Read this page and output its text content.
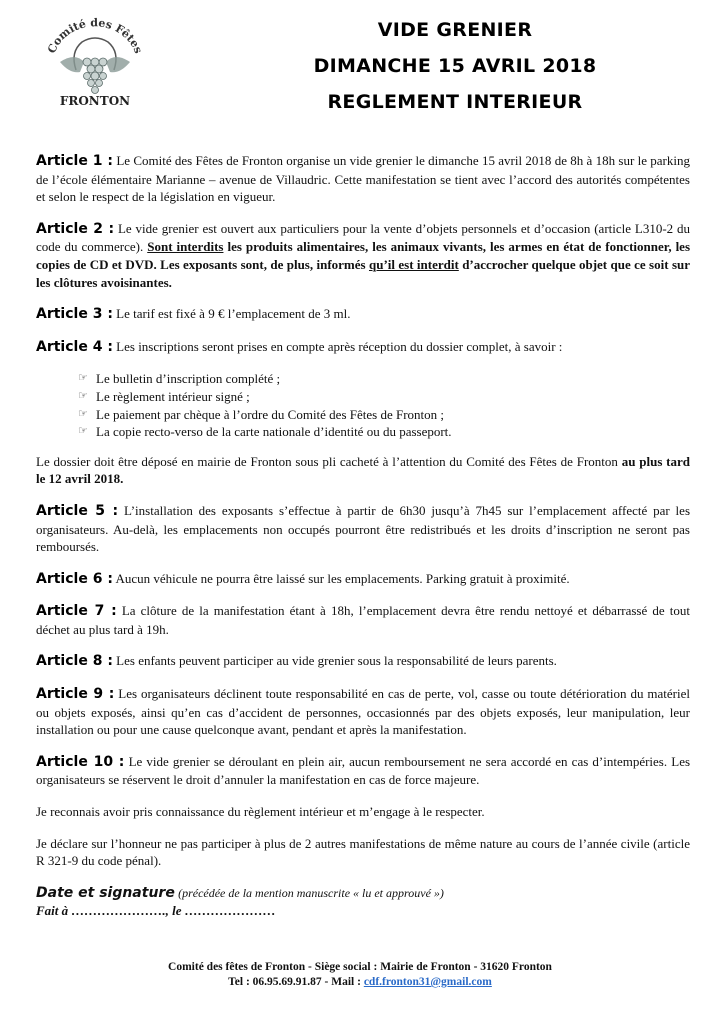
Comité des Fêtes
FRONTON
VIDE GRENIER
DIMANCHE 15 AVRIL 2018
REGLEMENT INTERIEUR

Article 1 : Le Comité des Fêtes de Fronton organise un vide grenier le dimanche 15 avril 2018 de 8h à 18h sur le parking de l’école élémentaire Marianne – avenue de Villaudric. Cette manifestation se tient avec l’accord des autorités compétentes et selon le respect de la législation en vigueur.

Article 2 : Le vide grenier est ouvert aux particuliers pour la vente d’objets personnels et d’occasion (article L310-2 du code du commerce). Sont interdits les produits alimentaires, les animaux vivants, les armes en état de fonctionner, les copies de CD et DVD. Les exposants sont, de plus, informés qu’il est interdit d’accrocher quelque objet que ce soit sur les clôtures avoisinantes.

Article 3 : Le tarif est fixé à 9 € l’emplacement de 3 ml.

Article 4 : Les inscriptions seront prises en compte après réception du dossier complet, à savoir :

☞ Le bulletin d’inscription complété ;
☞ Le règlement intérieur signé ;
☞ Le paiement par chèque à l’ordre du Comité des Fêtes de Fronton ;
☞ La copie recto-verso de la carte nationale d’identité ou du passeport.

Le dossier doit être déposé en mairie de Fronton sous pli cacheté à l’attention du Comité des Fêtes de Fronton au plus tard le 12 avril 2018.

Article 5 : L’installation des exposants s’effectue à partir de 6h30 jusqu’à 7h45 sur l’emplacement affecté par les organisateurs. Au-delà, les emplacements non occupés pourront être redistribués et les droits d’inscription ne seront pas remboursés.

Article 6 : Aucun véhicule ne pourra être laissé sur les emplacements. Parking gratuit à proximité.

Article 7 : La clôture de la manifestation étant à 18h, l’emplacement devra être rendu nettoyé et débarrassé de tout déchet au plus tard à 19h.

Article 8 : Les enfants peuvent participer au vide grenier sous la responsabilité de leurs parents.

Article 9 : Les organisateurs déclinent toute responsabilité en cas de perte, vol, casse ou toute détérioration du matériel ou objets exposés, ainsi qu’en cas d’accident de personnes, occasionnés par des objets exposés, leur manipulation, leur installation ou pour une cause quelconque avant, pendant et après la manifestation.

Article 10 : Le vide grenier se déroulant en plein air, aucun remboursement ne sera accordé en cas d’intempéries. Les organisateurs se réservent le droit d’annuler la manifestation en cas de force majeure.

Je reconnais avoir pris connaissance du règlement intérieur et m’engage à le respecter.

Je déclare sur l’honneur ne pas participer à plus de 2 autres manifestations de même nature au cours de l’année civile (article R 321-9 du code pénal).

Date et signature (précédée de la mention manuscrite « lu et approuvé »)
Fait à …………………., le …………………
Comité des fêtes de Fronton - Siège social : Mairie de Fronton - 31620 Fronton
Tel : 06.95.69.91.87 - Mail : cdf.fronton31@gmail.com
